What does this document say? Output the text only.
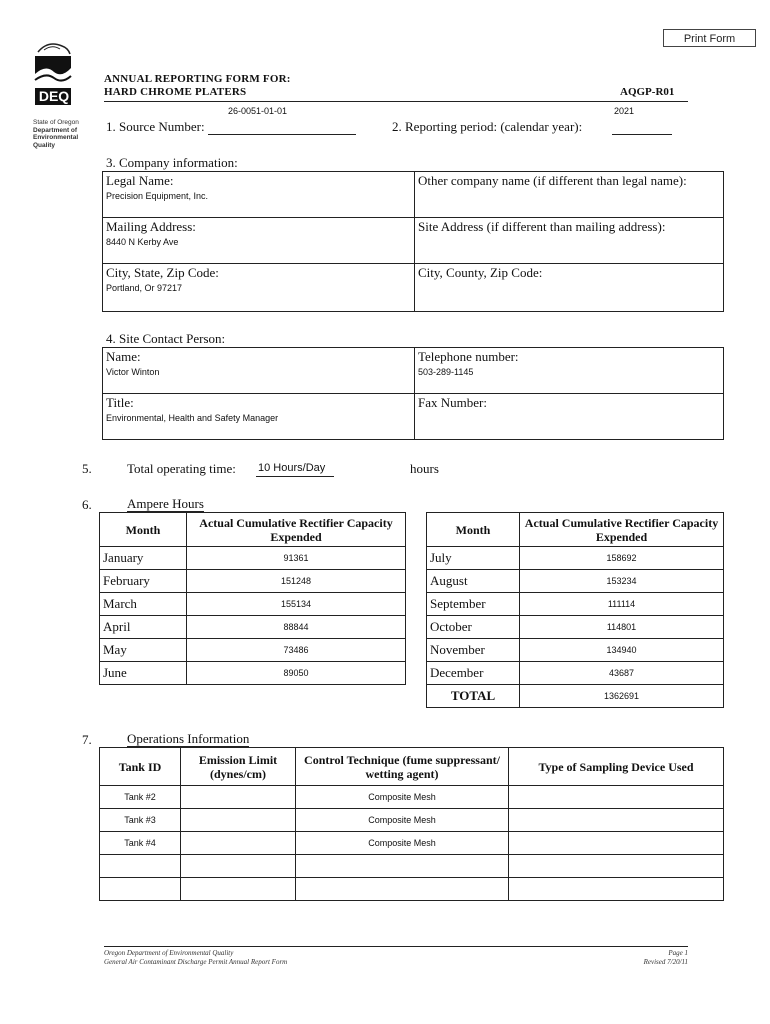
Print Form
DEQ
State of Oregon
Department of
Environmental
Quality
ANNUAL REPORTING FORM FOR:
HARD CHROME PLATERS	AQGP-R01
1. Source Number:
26-0051-01-01
2. Reporting period: (calendar year):
2021
3. Company information:
Legal Name:
Precision Equipment, Inc.	Other company name (if different than legal name):

Mailing Address:
8440 N Kerby Ave	Site Address (if different than mailing address):

City, State, Zip Code:
Portland, Or 97217	City, County, Zip Code:
4. Site Contact Person:
Name:
Victor Winton	Telephone number:
503-289-1145

Title:
Environmental, Health and Safety Manager	Fax Number:
5.	Total operating time: 10 Hours/Day	hours
6.	Ampere Hours
Month	Actual Cumulative Rectifier Capacity Expended
January	91361
February	151248
March	155134
April	88844
May	73486
June	89050
Month	Actual Cumulative Rectifier Capacity Expended
July	158692
August	153234
September	111114
October	114801
November	134940
December	43687
TOTAL	1362691
7.	Operations Information
Tank ID	Emission Limit (dynes/cm)	Control Technique (fume suppressant/ wetting agent)	Type of Sampling Device Used
Tank #2		Composite Mesh	
Tank #3		Composite Mesh	
Tank #4		Composite Mesh	

Oregon Department of Environmental Quality
General Air Contaminant Discharge Permit Annual Report Form
Page 1
Revised 7/20/11
